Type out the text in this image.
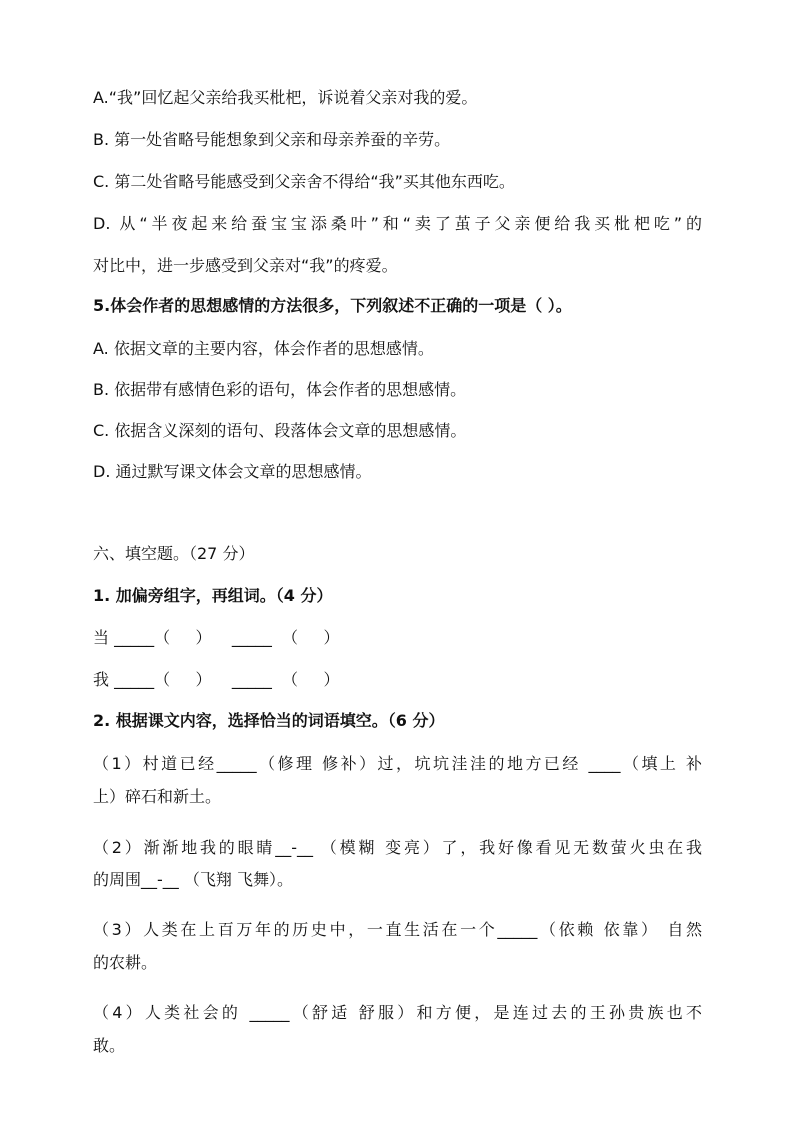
A.“我”回忆起父亲给我买枇杷，诉说着父亲对我的爱。
B. 第一处省略号能想象到父亲和母亲养蚕的辛劳。
C. 第二处省略号能感受到父亲舍不得给“我”买其他东西吃。
D. 从“半夜起来给蚕宝宝添桑叶”和“卖了茧子父亲便给我买枇杷吃”的
对比中，进一步感受到父亲对“我”的疼爱。
5.体会作者的思想感情的方法很多，下列叙述不正确的一项是（ ）。
A. 依据文章的主要内容，体会作者的思想感情。
B. 依据带有感情色彩的语句，体会作者的思想感情。
C. 依据含义深刻的语句、段落体会文章的思想感情。
D. 通过默写课文体会文章的思想感情。
六、填空题。（27 分）
1. 加偏旁组字，再组词。（4 分）
当 _____（     ）    _____  （     ）
我 _____（     ）    _____  （     ）
2. 根据课文内容，选择恰当的词语填空。（6 分）
（1）村道已经_____（修理 修补）过，坑坑洼洼的地方已经 ____（填上 补
上）碎石和新土。
（2）渐渐地我的眼睛__-__ （模糊 变亮）了，我好像看见无数萤火虫在我
的周围__-__ （飞翔 飞舞）。
（3）人类在上百万年的历史中，一直生活在一个_____（依赖 依靠） 自然
的农耕。
（4）人类社会的 _____（舒适 舒服）和方便，是连过去的王孙贵族也不
敢。
